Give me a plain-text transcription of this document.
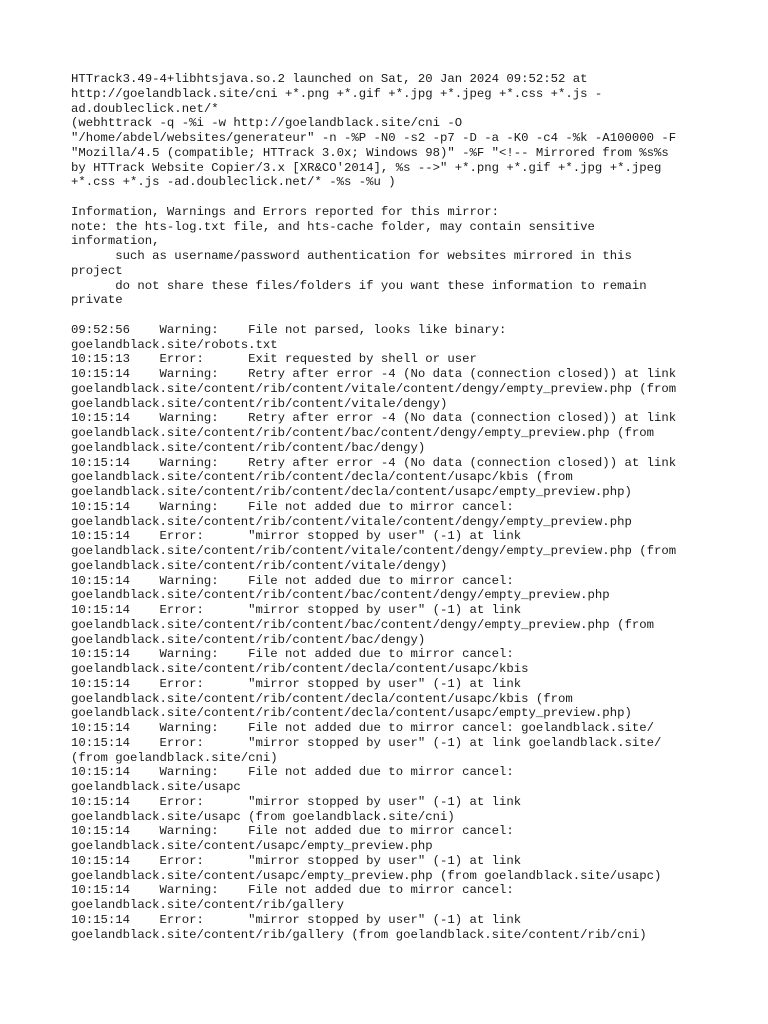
HTTrack3.49-4+libhtsjava.so.2 launched on Sat, 20 Jan 2024 09:52:52 at
http://goelandblack.site/cni +*.png +*.gif +*.jpg +*.jpeg +*.css +*.js -
ad.doubleclick.net/*
(webhttrack -q -%i -w http://goelandblack.site/cni -O
"/home/abdel/websites/generateur" -n -%P -N0 -s2 -p7 -D -a -K0 -c4 -%k -A100000 -F
"Mozilla/4.5 (compatible; HTTrack 3.0x; Windows 98)" -%F "<!-- Mirrored from %s%s
by HTTrack Website Copier/3.x [XR&CO'2014], %s -->" +*.png +*.gif +*.jpg +*.jpeg
+*.css +*.js -ad.doubleclick.net/* -%s -%u )
Information, Warnings and Errors reported for this mirror:
note: the hts-log.txt file, and hts-cache folder, may contain sensitive
information,
such as username/password authentication for websites mirrored in this
project
do not share these files/folders if you want these information to remain
private
09:52:56    Warning:    File not parsed, looks like binary:
goelandblack.site/robots.txt
10:15:13    Error:      Exit requested by shell or user
10:15:14    Warning:    Retry after error -4 (No data (connection closed)) at link
goelandblack.site/content/rib/content/vitale/content/dengy/empty_preview.php (from
goelandblack.site/content/rib/content/vitale/dengy)
10:15:14    Warning:    Retry after error -4 (No data (connection closed)) at link
goelandblack.site/content/rib/content/bac/content/dengy/empty_preview.php (from
goelandblack.site/content/rib/content/bac/dengy)
10:15:14    Warning:    Retry after error -4 (No data (connection closed)) at link
goelandblack.site/content/rib/content/decla/content/usapc/kbis (from
goelandblack.site/content/rib/content/decla/content/usapc/empty_preview.php)
10:15:14    Warning:    File not added due to mirror cancel:
goelandblack.site/content/rib/content/vitale/content/dengy/empty_preview.php
10:15:14    Error:      "mirror stopped by user" (-1) at link
goelandblack.site/content/rib/content/vitale/content/dengy/empty_preview.php (from
goelandblack.site/content/rib/content/vitale/dengy)
10:15:14    Warning:    File not added due to mirror cancel:
goelandblack.site/content/rib/content/bac/content/dengy/empty_preview.php
10:15:14    Error:      "mirror stopped by user" (-1) at link
goelandblack.site/content/rib/content/bac/content/dengy/empty_preview.php (from
goelandblack.site/content/rib/content/bac/dengy)
10:15:14    Warning:    File not added due to mirror cancel:
goelandblack.site/content/rib/content/decla/content/usapc/kbis
10:15:14    Error:      "mirror stopped by user" (-1) at link
goelandblack.site/content/rib/content/decla/content/usapc/kbis (from
goelandblack.site/content/rib/content/decla/content/usapc/empty_preview.php)
10:15:14    Warning:    File not added due to mirror cancel: goelandblack.site/
10:15:14    Error:      "mirror stopped by user" (-1) at link goelandblack.site/
(from goelandblack.site/cni)
10:15:14    Warning:    File not added due to mirror cancel:
goelandblack.site/usapc
10:15:14    Error:      "mirror stopped by user" (-1) at link
goelandblack.site/usapc (from goelandblack.site/cni)
10:15:14    Warning:    File not added due to mirror cancel:
goelandblack.site/content/usapc/empty_preview.php
10:15:14    Error:      "mirror stopped by user" (-1) at link
goelandblack.site/content/usapc/empty_preview.php (from goelandblack.site/usapc)
10:15:14    Warning:    File not added due to mirror cancel:
goelandblack.site/content/rib/gallery
10:15:14    Error:      "mirror stopped by user" (-1) at link
goelandblack.site/content/rib/gallery (from goelandblack.site/content/rib/cni)
